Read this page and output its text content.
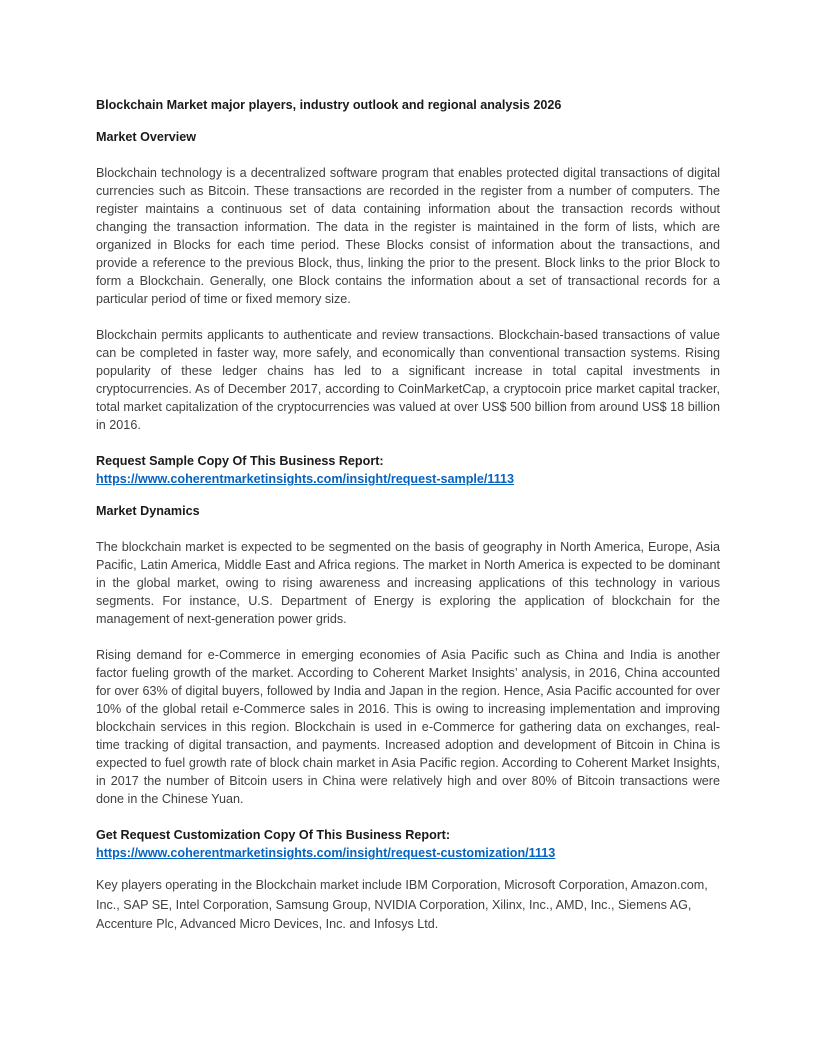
Blockchain Market major players, industry outlook and regional analysis 2026

Market Overview

Blockchain technology is a decentralized software program that enables protected digital transactions of digital currencies such as Bitcoin. These transactions are recorded in the register from a number of computers. The register maintains a continuous set of data containing information about the transaction records without changing the transaction information. The data in the register is maintained in the form of lists, which are organized in Blocks for each time period. These Blocks consist of information about the transactions, and provide a reference to the previous Block, thus, linking the prior to the present. Block links to the prior Block to form a Blockchain. Generally, one Block contains the information about a set of transactional records for a particular period of time or fixed memory size.

Blockchain permits applicants to authenticate and review transactions. Blockchain-based transactions of value can be completed in faster way, more safely, and economically than conventional transaction systems. Rising popularity of these ledger chains has led to a significant increase in total capital investments in cryptocurrencies. As of December 2017, according to CoinMarketCap, a cryptocoin price market capital tracker, total market capitalization of the cryptocurrencies was valued at over US$ 500 billion from around US$ 18 billion in 2016.

Request Sample Copy Of This Business Report:

https://www.coherentmarketinsights.com/insight/request-sample/1113

Market Dynamics

The blockchain market is expected to be segmented on the basis of geography in North America, Europe, Asia Pacific, Latin America, Middle East and Africa regions. The market in North America is expected to be dominant in the global market, owing to rising awareness and increasing applications of this technology in various segments. For instance, U.S. Department of Energy is exploring the application of blockchain for the management of next-generation power grids.

Rising demand for e-Commerce in emerging economies of Asia Pacific such as China and India is another factor fueling growth of the market. According to Coherent Market Insights’ analysis, in 2016, China accounted for over 63% of digital buyers, followed by India and Japan in the region. Hence, Asia Pacific accounted for over 10% of the global retail e-Commerce sales in 2016. This is owing to increasing implementation and improving blockchain services in this region. Blockchain is used in e-Commerce for gathering data on exchanges, real-time tracking of digital transaction, and payments. Increased adoption and development of Bitcoin in China is expected to fuel growth rate of block chain market in Asia Pacific region. According to Coherent Market Insights, in 2017 the number of Bitcoin users in China were relatively high and over 80% of Bitcoin transactions were done in the Chinese Yuan.

Get Request Customization Copy Of This Business Report:

https://www.coherentmarketinsights.com/insight/request-customization/1113

Key players operating in the Blockchain market include IBM Corporation, Microsoft Corporation, Amazon.com, Inc., SAP SE, Intel Corporation, Samsung Group, NVIDIA Corporation, Xilinx, Inc., AMD, Inc., Siemens AG, Accenture Plc, Advanced Micro Devices, Inc. and Infosys Ltd.
